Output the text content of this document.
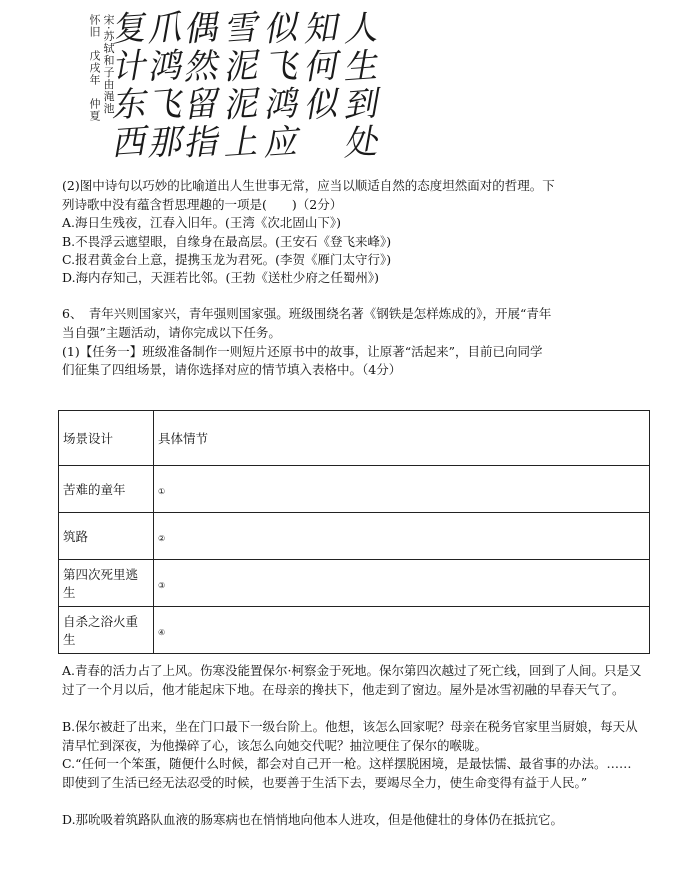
怀旧　戊戌年　仲夏 宋·苏轼和子由渑池	人
生
到
处
知
何
似
似
飞
鸿
应
雪
泥
泥
上
偶
然
留
指
爪
鸿
飞
那
复
计
东
西
(2)图中诗句以巧妙的比喻道出人生世事无常，应当以顺适自然的态度坦然面对的哲理。下
列诗歌中没有蕴含哲思理趣的一项是(　　)（2分）
A.海日生残夜，江春入旧年。(王湾《次北固山下》)
B.不畏浮云遮望眼，自缘身在最高层。(王安石《登飞来峰》)
C.报君黄金台上意，提携玉龙为君死。(李贺《雁门太守行》)
D.海内存知己，天涯若比邻。(王勃《送杜少府之任蜀州》)
6、　青年兴则国家兴，青年强则国家强。班级围绕名著《钢铁是怎样炼成的》，开展“青年
当自强”主题活动，请你完成以下任务。
(1)【任务一】班级准备制作一则短片还原书中的故事，让原著“活起来”，目前已向同学
们征集了四组场景，请你选择对应的情节填入表格中。（4分）
场景设计	具体情节
苦难的童年	①
筑路	②
第四次死里逃生	③
自杀之浴火重生	④
A.青春的活力占了上风。伤寒没能置保尔·柯察金于死地。保尔第四次越过了死亡线，回到了人间。只是又过了一个月以后，他才能起床下地。在母亲的搀扶下，他走到了窗边。屋外是冰雪初融的早春天气了。
B.保尔被赶了出来，坐在门口最下一级台阶上。他想，该怎么回家呢？母亲在税务官家里当厨娘，每天从清早忙到深夜，为他操碎了心，该怎么向她交代呢？抽泣哽住了保尔的喉咙。
C.“任何一个笨蛋，随便什么时候，都会对自己开一枪。这样摆脱困境，是最怯懦、最省事的办法。……即使到了生活已经无法忍受的时候，也要善于生活下去，要竭尽全力，使生命变得有益于人民。”
D.那吮吸着筑路队血液的肠寒病也在悄悄地向他本人进攻，但是他健壮的身体仍在抵抗它。
